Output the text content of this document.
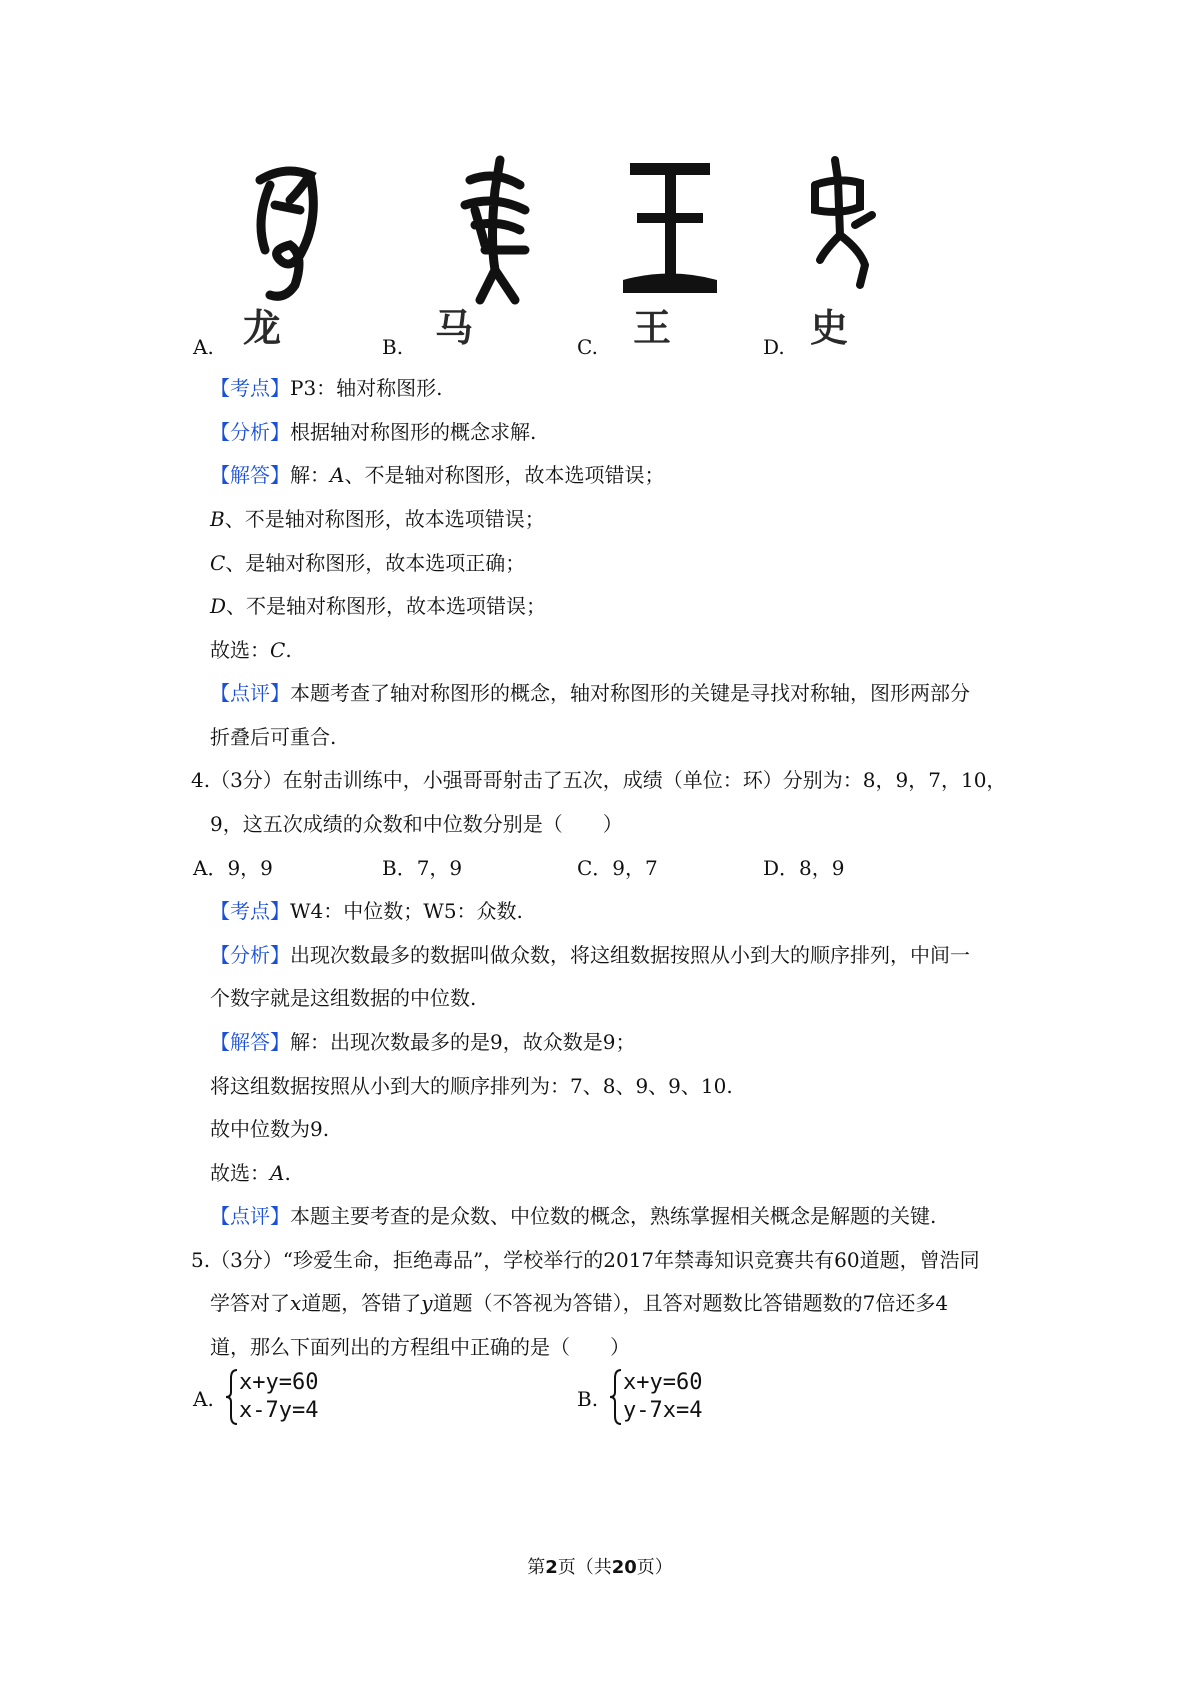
A. 龙	B. 马	C. 王	D. 史
【考点】P3：轴对称图形.
【分析】根据轴对称图形的概念求解.
【解答】解：A、不是轴对称图形，故本选项错误；
B、不是轴对称图形，故本选项错误；
C、是轴对称图形，故本选项正确；
D、不是轴对称图形，故本选项错误；
故选：C.
【点评】本题考查了轴对称图形的概念，轴对称图形的关键是寻找对称轴，图形两部分
折叠后可重合.
4.（3分）在射击训练中，小强哥哥射击了五次，成绩（单位：环）分别为：8，9，7，10，
9，这五次成绩的众数和中位数分别是（　　）
A．9，9	B．7，9	C．9，7	D．8，9
【考点】W4：中位数；W5：众数.
【分析】出现次数最多的数据叫做众数，将这组数据按照从小到大的顺序排列，中间一
个数字就是这组数据的中位数.
【解答】解：出现次数最多的是9，故众数是9；
将这组数据按照从小到大的顺序排列为：7、8、9、9、10.
故中位数为9.
故选：A.
【点评】本题主要考查的是众数、中位数的概念，熟练掌握相关概念是解题的关键.
5.（3分）“珍爱生命，拒绝毒品”，学校举行的2017年禁毒知识竞赛共有60道题，曾浩同
学答对了x道题，答错了y道题（不答视为答错），且答对题数比答错题数的7倍还多4
道，那么下面列出的方程组中正确的是（　　）
A.
x+y=60
x-7y=4	B.
x+y=60
y-7x=4
第2页（共20页）
